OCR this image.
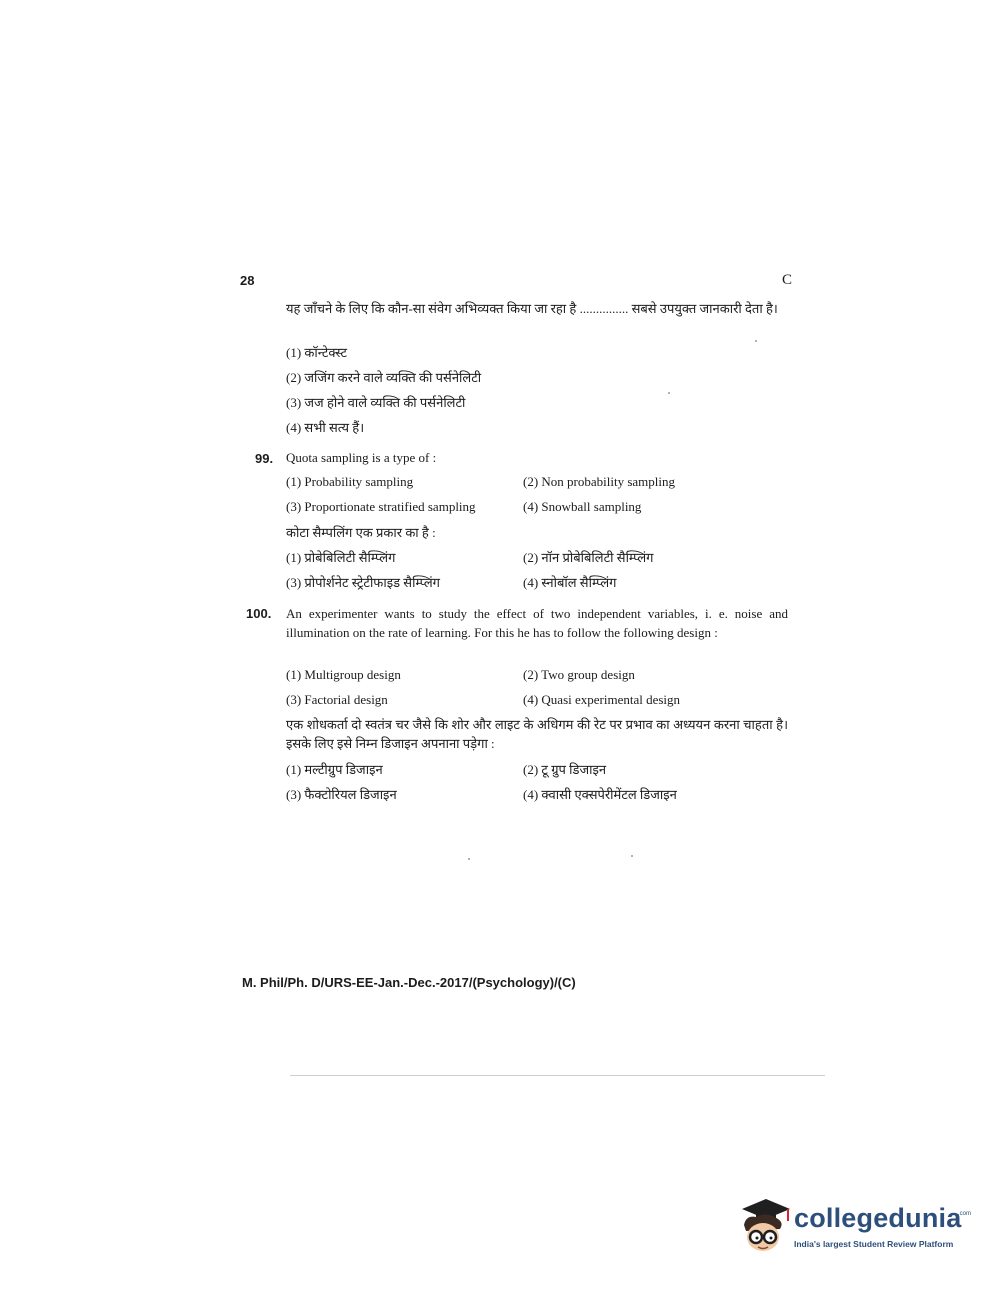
28	C
यह जाँचने के लिए कि कौन-सा संवेग अभिव्यक्त किया जा रहा है ............... सबसे उपयुक्त जानकारी देता है।
(1) कॉन्टेक्स्ट
(2) जजिंग करने वाले व्यक्ति की पर्सनेलिटी
(3) जज होने वाले व्यक्ति की पर्सनेलिटी
(4) सभी सत्य हैं।
99. Quota sampling is a type of :
(1) Probability sampling	(2) Non probability sampling
(3) Proportionate stratified sampling	(4) Snowball sampling
कोटा सैम्पलिंग एक प्रकार का है :
(1) प्रोबेबिलिटी सैम्प्लिंग	(2) नॉन प्रोबेबिलिटी सैम्प्लिंग
(3) प्रोपोर्शनेट स्ट्रेटीफाइड सैम्प्लिंग	(4) स्नोबॉल सैम्प्लिंग
100. An experimenter wants to study the effect of two independent variables, i. e. noise and illumination on the rate of learning. For this he has to follow the following design :
(1) Multigroup design	(2) Two group design
(3) Factorial design	(4) Quasi experimental design
एक शोधकर्ता दो स्वतंत्र चर जैसे कि शोर और लाइट के अधिगम की रेट पर प्रभाव का अध्ययन करना चाहता है। इसके लिए इसे निम्न डिजाइन अपनाना पड़ेगा :
(1) मल्टीग्रुप डिजाइन	(2) टू ग्रुप डिजाइन
(3) फैक्टोरियल डिजाइन	(4) क्वासी एक्सपेरीमेंटल डिजाइन
M. Phil/Ph. D/URS-EE-Jan.-Dec.-2017/(Psychology)/(C)
collegedunia
.com
India's largest Student Review Platform
